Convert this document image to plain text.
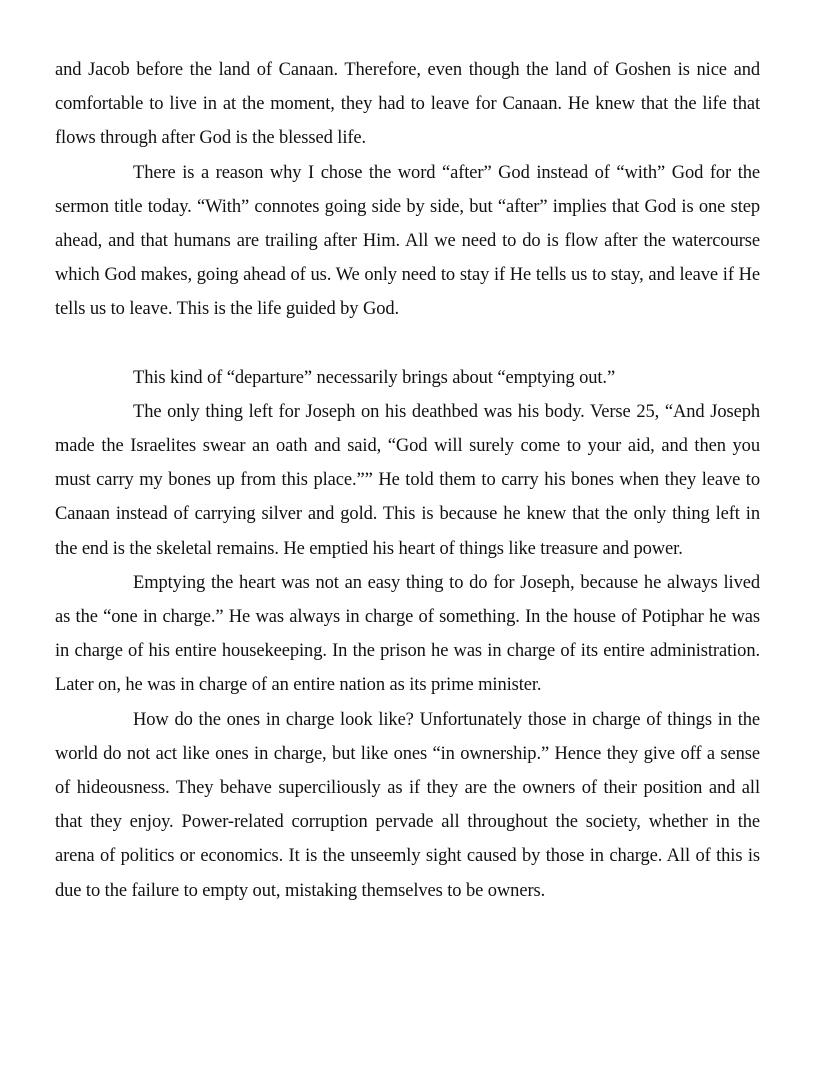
and Jacob before the land of Canaan. Therefore, even though the land of Goshen is nice and comfortable to live in at the moment, they had to leave for Canaan. He knew that the life that flows through after God is the blessed life.

There is a reason why I chose the word “after” God instead of “with” God for the sermon title today. “With” connotes going side by side, but “after” implies that God is one step ahead, and that humans are trailing after Him. All we need to do is flow after the watercourse which God makes, going ahead of us. We only need to stay if He tells us to stay, and leave if He tells us to leave. This is the life guided by God.

This kind of “departure” necessarily brings about “emptying out.”

The only thing left for Joseph on his deathbed was his body. Verse 25, “And Joseph made the Israelites swear an oath and said, “God will surely come to your aid, and then you must carry my bones up from this place.”” He told them to carry his bones when they leave to Canaan instead of carrying silver and gold. This is because he knew that the only thing left in the end is the skeletal remains. He emptied his heart of things like treasure and power.

Emptying the heart was not an easy thing to do for Joseph, because he always lived as the “one in charge.” He was always in charge of something. In the house of Potiphar he was in charge of his entire housekeeping. In the prison he was in charge of its entire administration. Later on, he was in charge of an entire nation as its prime minister.

How do the ones in charge look like? Unfortunately those in charge of things in the world do not act like ones in charge, but like ones “in ownership.” Hence they give off a sense of hideousness. They behave superciliously as if they are the owners of their position and all that they enjoy. Power-related corruption pervade all throughout the society, whether in the arena of politics or economics. It is the unseemly sight caused by those in charge. All of this is due to the failure to empty out, mistaking themselves to be owners.
